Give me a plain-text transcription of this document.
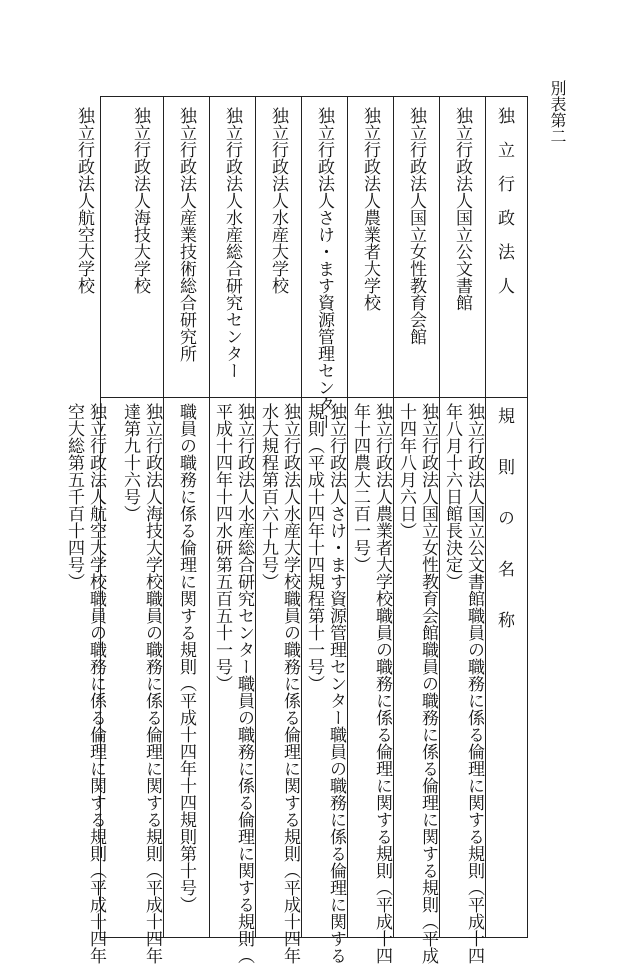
別表第二
独　立　行　政　法　人
規　　則　　の　　名　　称
独立行政法人国立公文書館
独立行政法人国立公文書館職員の職務に係る倫理に関する規則（平成十四
年八月十六日館長決定）
独立行政法人国立女性教育会館
独立行政法人国立女性教育会館職員の職務に係る倫理に関する規則（平成
十四年八月六日）
独立行政法人農業者大学校
独立行政法人農業者大学校職員の職務に係る倫理に関する規則（平成十四
年十四農大二百一号）
独立行政法人さけ・ます資源管理センター
独立行政法人さけ・ます資源管理センター職員の職務に係る倫理に関する
規則（平成十四年十四規程第十一号）
独立行政法人水産大学校
独立行政法人水産大学校職員の職務に係る倫理に関する規則（平成十四年
水大規程第百六十九号）
独立行政法人水産総合研究センター
独立行政法人水産総合研究センター職員の職務に係る倫理に関する規則（
平成十四年十四水研第五百五十一号）
独立行政法人産業技術総合研究所
職員の職務に係る倫理に関する規則（平成十四年十四規則第十号）
独立行政法人海技大学校
独立行政法人海技大学校職員の職務に係る倫理に関する規則（平成十四年
達第九十六号）
独立行政法人航空大学校
独立行政法人航空大学校職員の職務に係る倫理に関する規則（平成十四年
空大総第五千百十四号）
